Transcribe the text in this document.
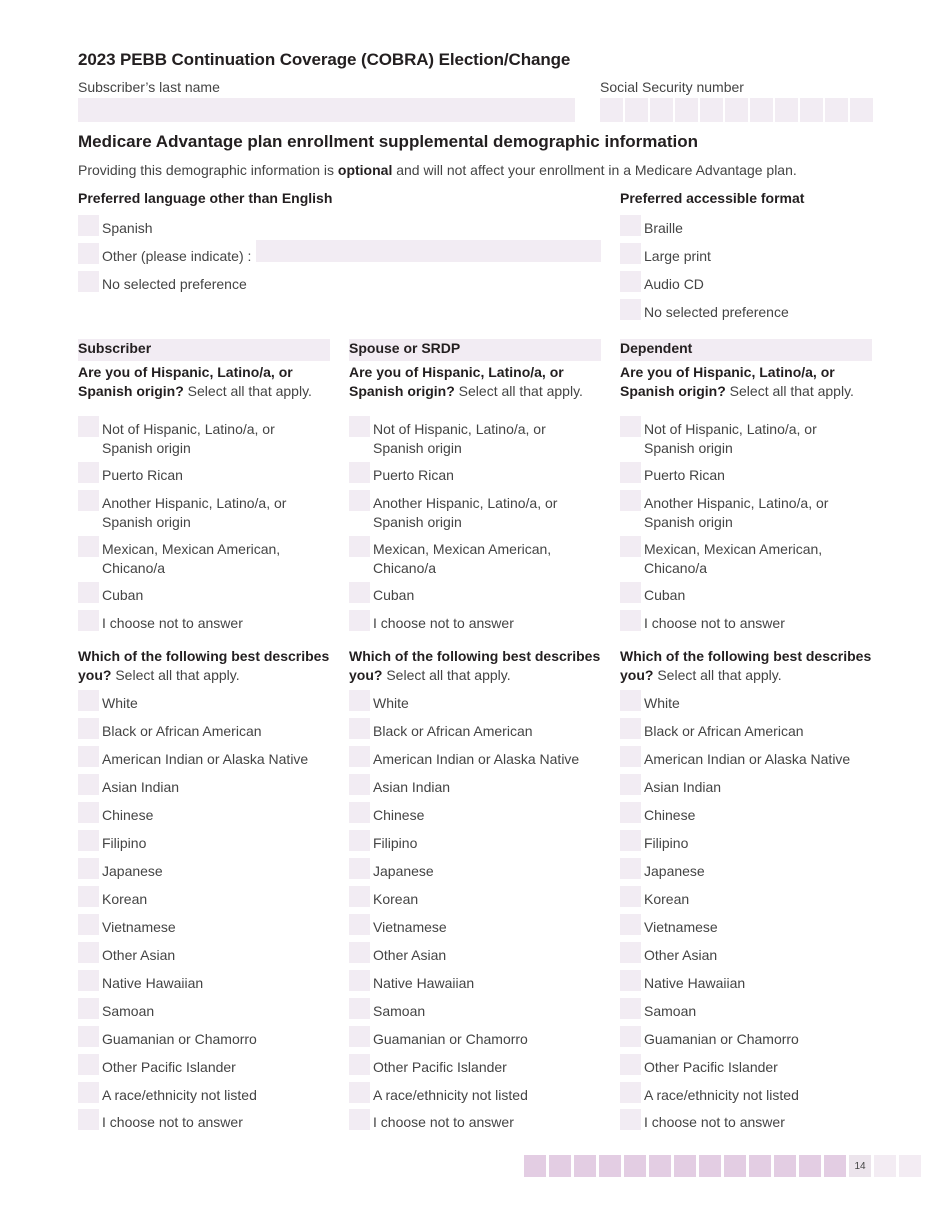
2023 PEBB Continuation Coverage (COBRA) Election/Change
Subscriber’s last name	Social Security number
Medicare Advantage plan enrollment supplemental demographic information
Providing this demographic information is optional and will not affect your enrollment in a Medicare Advantage plan.
Preferred language other than English
Spanish
Other (please indicate) :
No selected preference
Preferred accessible format
Braille
Large print
Audio CD
No selected preference
Subscriber	Spouse or SRDP	Dependent
Are you of Hispanic, Latino/a, or Spanish origin? Select all that apply.
Not of Hispanic, Latino/a, or Spanish origin
Puerto Rican
Another Hispanic, Latino/a, or Spanish origin
Mexican, Mexican American, Chicano/a
Cuban
I choose not to answer
Which of the following best describes you? Select all that apply.
White
Black or African American
American Indian or Alaska Native
Asian Indian
Chinese
Filipino
Japanese
Korean
Vietnamese
Other Asian
Native Hawaiian
Samoan
Guamanian or Chamorro
Other Pacific Islander
A race/ethnicity not listed
I choose not to answer
Are you of Hispanic, Latino/a, or Spanish origin? Select all that apply.
Not of Hispanic, Latino/a, or Spanish origin
Puerto Rican
Another Hispanic, Latino/a, or Spanish origin
Mexican, Mexican American, Chicano/a
Cuban
I choose not to answer
Which of the following best describes you? Select all that apply.
White
Black or African American
American Indian or Alaska Native
Asian Indian
Chinese
Filipino
Japanese
Korean
Vietnamese
Other Asian
Native Hawaiian
Samoan
Guamanian or Chamorro
Other Pacific Islander
A race/ethnicity not listed
I choose not to answer
Are you of Hispanic, Latino/a, or Spanish origin? Select all that apply.
Not of Hispanic, Latino/a, or Spanish origin
Puerto Rican
Another Hispanic, Latino/a, or Spanish origin
Mexican, Mexican American, Chicano/a
Cuban
I choose not to answer
Which of the following best describes you? Select all that apply.
White
Black or African American
American Indian or Alaska Native
Asian Indian
Chinese
Filipino
Japanese
Korean
Vietnamese
Other Asian
Native Hawaiian
Samoan
Guamanian or Chamorro
Other Pacific Islander
A race/ethnicity not listed
I choose not to answer
14
